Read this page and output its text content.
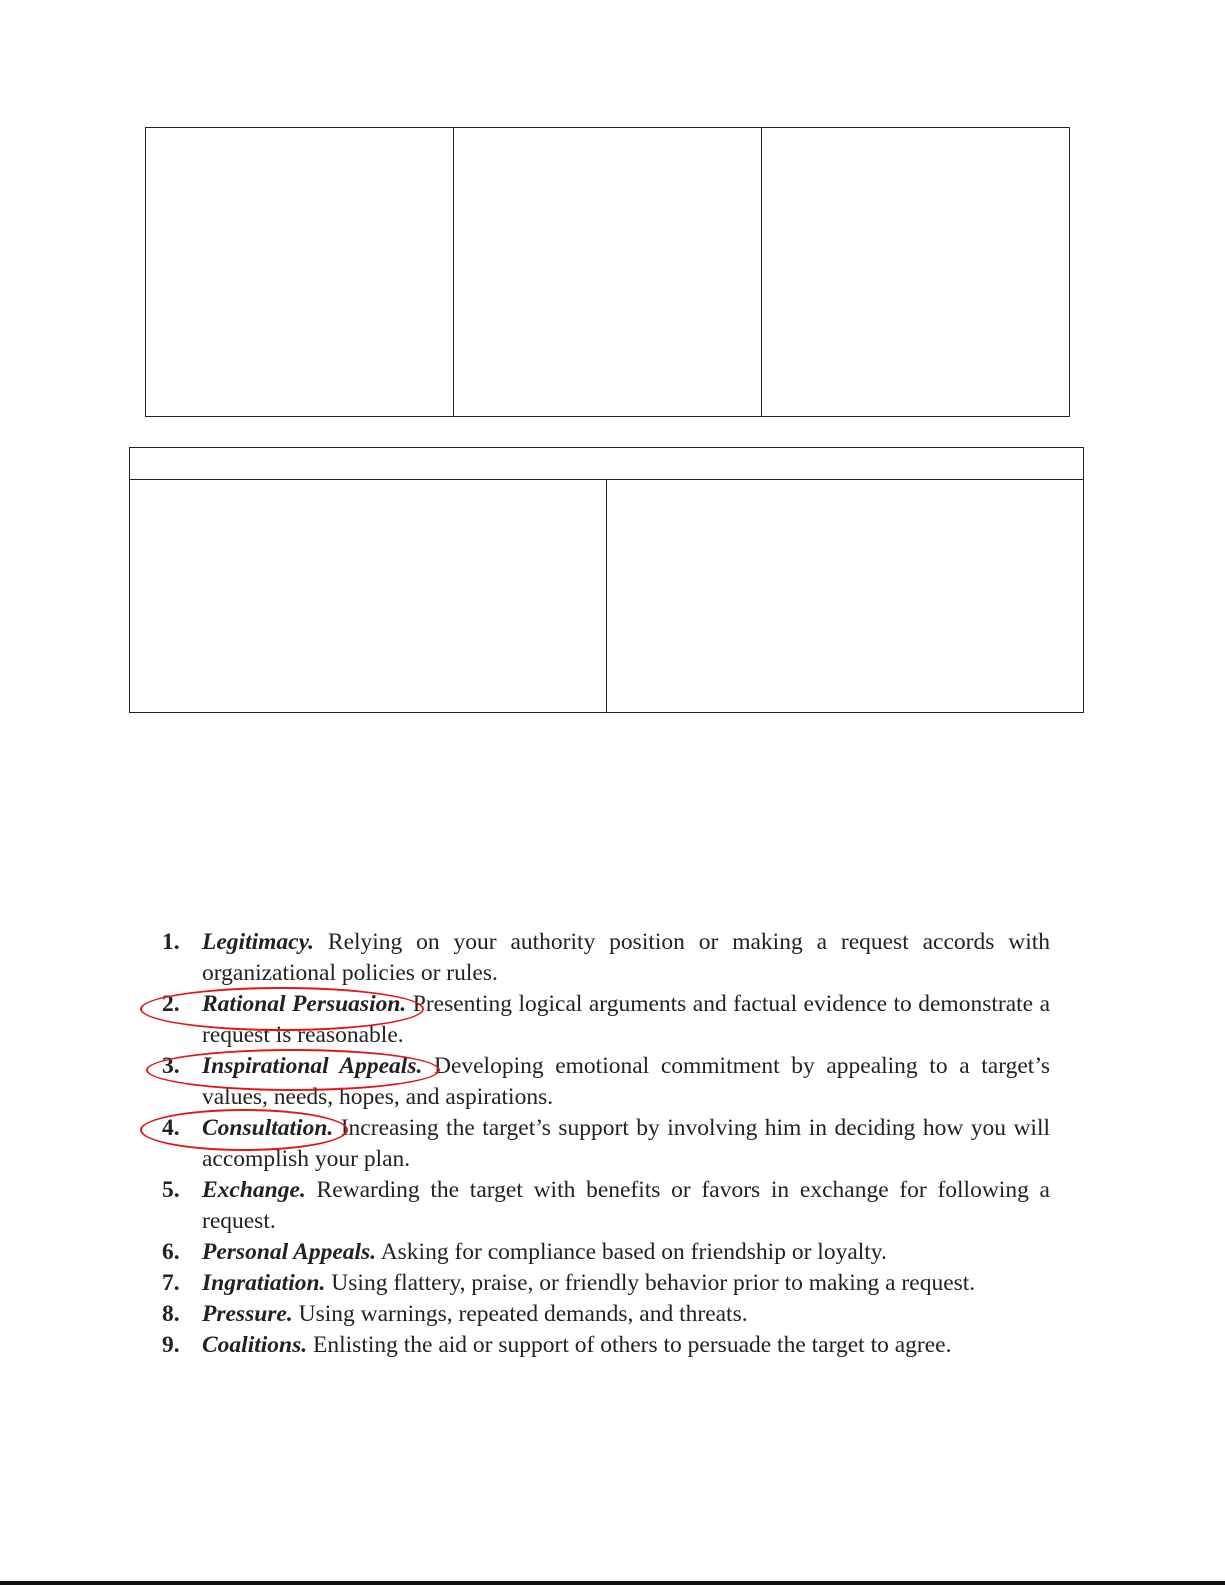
1. Legitimacy. Relying on your authority position or making a request accords with organizational policies or rules.
2. Rational Persuasion. Presenting logical arguments and factual evidence to demonstrate a request is reasonable.
3. Inspirational Appeals. Developing emotional commitment by appealing to a target’s values, needs, hopes, and aspirations.
4. Consultation. Increasing the target’s support by involving him in deciding how you will accomplish your plan.
5. Exchange. Rewarding the target with benefits or favors in exchange for following a request.
6. Personal Appeals. Asking for compliance based on friendship or loyalty.
7. Ingratiation. Using flattery, praise, or friendly behavior prior to making a request.
8. Pressure. Using warnings, repeated demands, and threats.
9. Coalitions. Enlisting the aid or support of others to persuade the target to agree.
